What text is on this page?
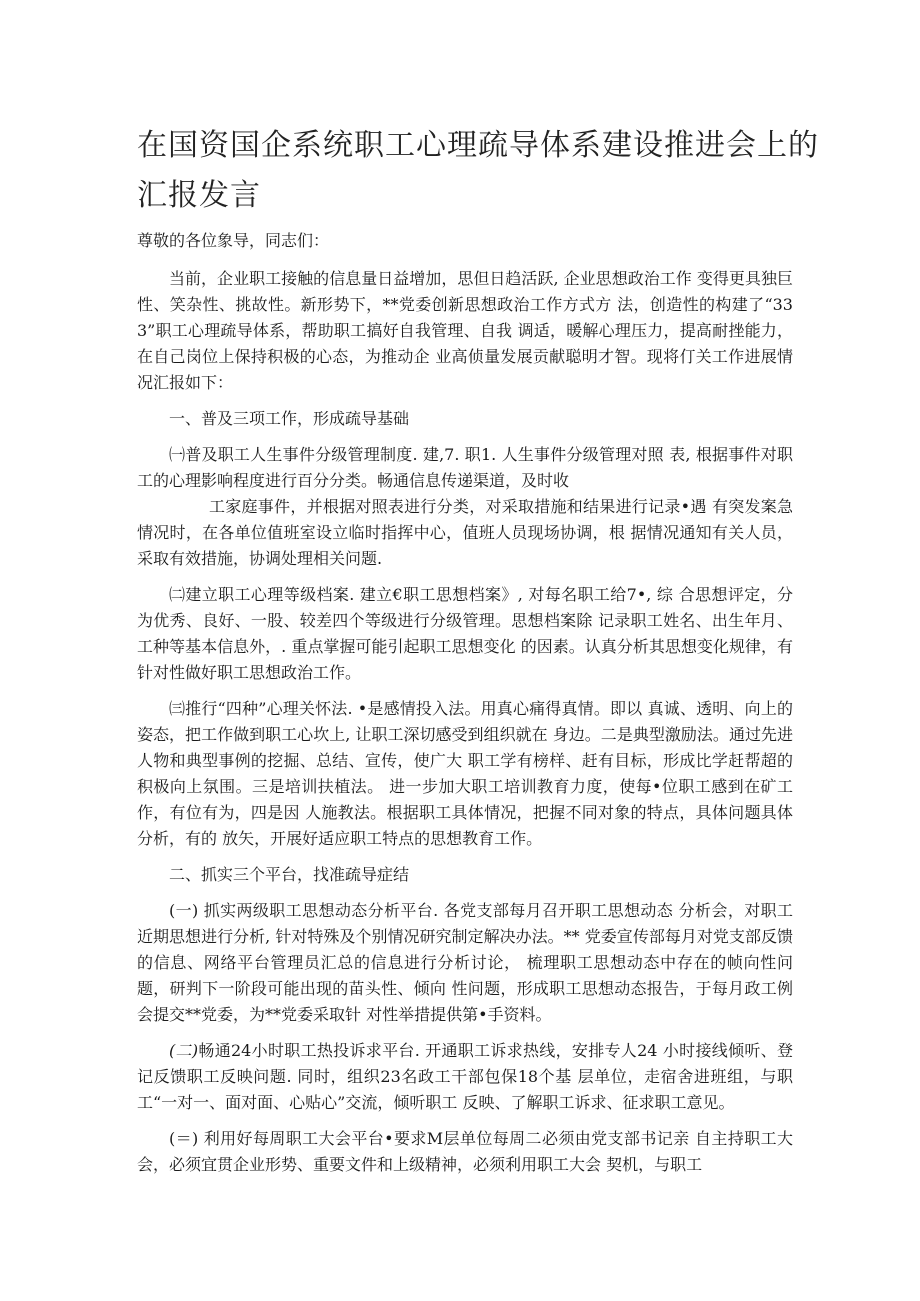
在国资国企系统职工心理疏导体系建设推进会上的
汇报发言

尊敬的各位象导，同志们：

当前，企业职工接触的信息量日益增加，思但日趋活跃, 企业思想政治工作 变得更具独巨性、笑杂性、挑故性。新形势下，**党委创新思想政治工作方式方 法，创造性的构建了“333”职工心理疏导体系，帮助职工搞好自我管理、自我 调适，暖解心理压力，提高耐挫能力，在自己岗位上保持积极的心态，为推动企 业高侦量发展贡献聪明才智。现将仃关工作进展情况汇报如下：

一、普及三项工作，形成疏导基础

㈠普及职工人生事件分级管理制度. 建,7. 职1. 人生事件分级管理对照 表, 根据事件对职工的心理影响程度进行百分分类。畅通信息传递渠道，及时收

工家庭事件，并根据对照表进行分类，对采取措施和结果进行记录•遇 有突发案急情况时，在各单位值班室设立临时指挥中心，值班人员现场协调，根 据情况通知有关人员，采取有效措施，协调处理相关问题.

㈡建立职工心理等级档案. 建立€职工思想档案》, 对每名职工给7•, 综 合思想评定，分为优秀、良好、一股、较差四个等级进行分级管理。思想档案除 记录职工姓名、出生年月、工种等基本信息外，. 重点掌握可能引起职工思想变化 的因素。认真分析其思想变化规律，有针对性做好职工思想政治工作。

㈢推行“四种”心理关怀法. •是感情投入法。用真心痛得真情。即以 真诚、透明、向上的姿态，把工作做到职工心坎上, 让职工深切感受到组织就在 身边。二是典型激励法。通过先进人物和典型事例的挖掘、总结、宣传，使广大 职工学有榜样、赶有目标，形成比学赶帮超的积极向上氛围。三是培训扶植法。 进一步加大职工培训教育力度，使每•位职工感到在矿工作，有位有为，四是因 人施教法。根据职工具体情况，把握不同对象的特点，具体问题具体分析，有的 放矢，开展好适应职工特点的思想教育工作。

二、抓实三个平台，找准疏导症结

(一) 抓实两级职工思想动态分析平台. 各党支部每月召开职工思想动态 分析会，对职工近期思想进行分析, 针对特殊及个别情况研究制定解决办法。** 党委宣传部每月对党支部反馈的信息、网络平台管理员汇总的信息进行分析讨论， 梳理职工思想动态中存在的帧向性问题，研判下一阶段可能出现的苗头性、倾向 性问题，形成职工思想动态报告，于每月政工例会提交**党委，为**党委采取针 对性举措提供第•手资料。

(二)畅通24小时职工热投诉求平台. 开通职工诉求热线，安排专人24 小时接线倾听、登记反馈职工反映问题. 同时，组织23名政工干部包保18个基 层单位，走宿舍进班组，与职工“一对一、面对面、心贴心”交流，倾听职工 反映、了解职工诉求、征求职工意见。

(＝) 利用好每周职工大会平台•要求M层单位每周二必须由党支部书记亲 自主持职工大会，必须宜贯企业形势、重要文件和上级精神，必须利用职工大会 契机，与职工
